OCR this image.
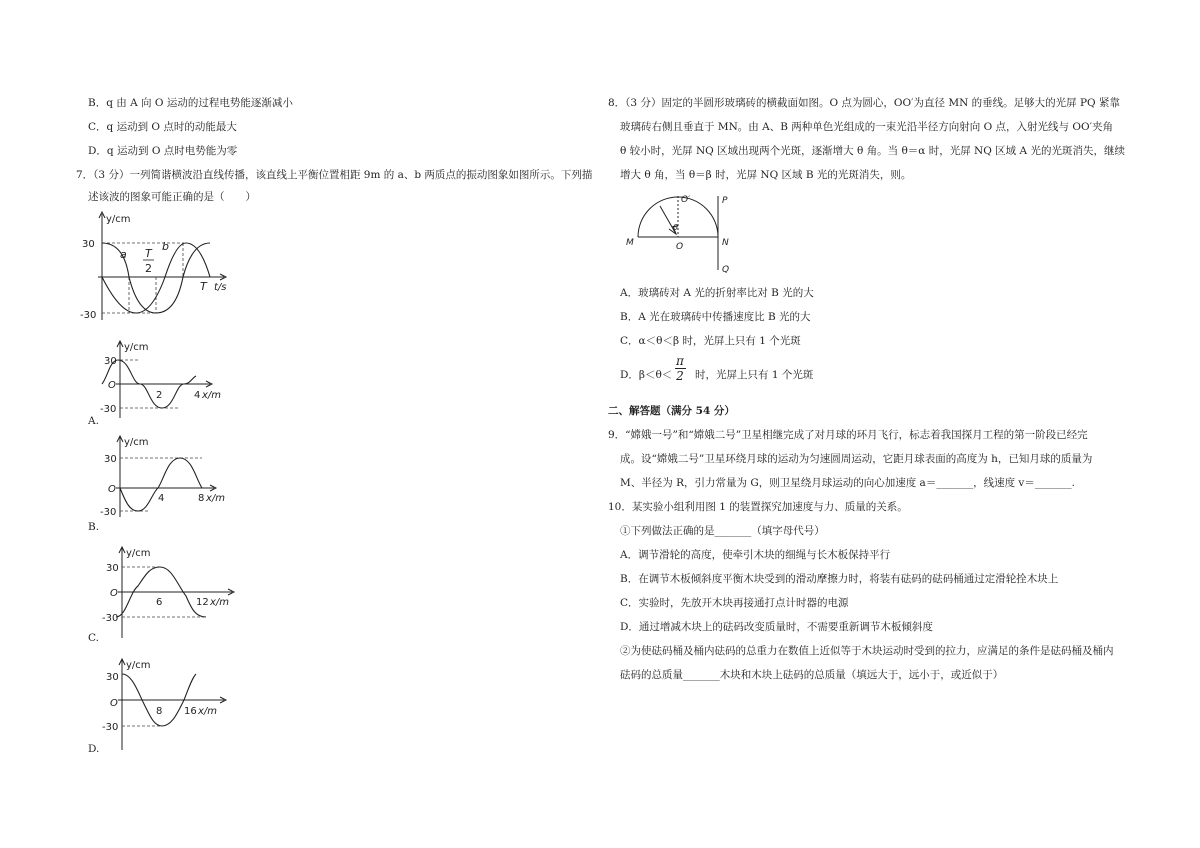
B．q 由 A 向 O 运动的过程电势能逐渐减小
C．q 运动到 O 点时的动能最大
D．q 运动到 O 点时电势能为零
7．（3 分）一列简谐横波沿直线传播，该直线上平衡位置相距 9m 的 a、b 两质点的振动图象如图所示。下列描
述该波的图象可能正确的是（　　）
y/cm
t/s
30
-30
a
b
T
2
T
y/cm
30
-30
O
2	4 x/m
A.
y/cm
30
-30
O
4	8 x/m
B.
y/cm
30
-30
O
6	12 x/m
C.
y/cm
30
-30
O
8 16 x/m
D.
8．（3 分）固定的半圆形玻璃砖的横截面如图。O 点为圆心，OO′为直径 MN 的垂线。足够大的光屏 PQ 紧靠
玻璃砖右侧且垂直于 MN。由 A、B 两种单色光组成的一束光沿半径方向射向 O 点，入射光线与 OO′夹角
θ 较小时，光屏 NQ 区域出现两个光斑，逐渐增大 θ 角。当 θ＝α 时，光屏 NQ 区域 A 光的光斑消失，继续
增大 θ 角，当 θ＝β 时，光屏 NQ 区域 B 光的光斑消失，则。
O′	P
θ
M	O	N
Q
A．玻璃砖对 A 光的折射率比对 B 光的大
B．A 光在玻璃砖中传播速度比 B 光的大
C．α＜θ＜β 时，光屏上只有 1 个光斑
D．β＜θ＜ 时，光屏上只有 1 个光斑
π
2
二、解答题（满分 54 分）
9．“嫦娥一号”和“嫦娥二号”卫星相继完成了对月球的环月飞行，标志着我国探月工程的第一阶段已经完
成。设“嫦娥二号”卫星环绕月球的运动为匀速圆周运动，它距月球表面的高度为 h，已知月球的质量为
M、半径为 R，引力常量为 G，则卫星绕月球运动的向心加速度 a＝_______，线速度 v＝_______.
10．某实验小组利用图 1 的装置探究加速度与力、质量的关系。
①下列做法正确的是_______（填字母代号）
A．调节滑轮的高度，使牵引木块的细绳与长木板保持平行
B．在调节木板倾斜度平衡木块受到的滑动摩擦力时，将装有砝码的砝码桶通过定滑轮拴木块上
C．实验时，先放开木块再接通打点计时器的电源
D．通过增减木块上的砝码改变质量时，不需要重新调节木板倾斜度
②为使砝码桶及桶内砝码的总重力在数值上近似等于木块运动时受到的拉力，应满足的条件是砝码桶及桶内
砝码的总质量_______木块和木块上砝码的总质量（填远大于，远小于，或近似于）
